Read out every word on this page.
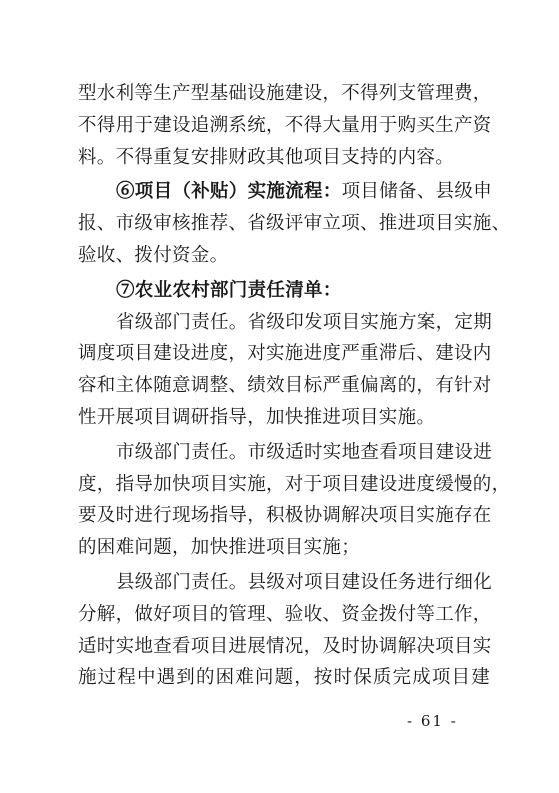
型水利等生产型基础设施建设，不得列支管理费，
不得用于建设追溯系统，不得大量用于购买生产资
料。不得重复安排财政其他项目支持的内容。
⑥项目（补贴）实施流程：项目储备、县级申
报、市级审核推荐、省级评审立项、推进项目实施、
验收、拨付资金。
⑦农业农村部门责任清单：
省级部门责任。省级印发项目实施方案，定期
调度项目建设进度，对实施进度严重滞后、建设内
容和主体随意调整、绩效目标严重偏离的，有针对
性开展项目调研指导，加快推进项目实施。
市级部门责任。市级适时实地查看项目建设进
度，指导加快项目实施，对于项目建设进度缓慢的，
要及时进行现场指导，积极协调解决项目实施存在
的困难问题，加快推进项目实施；
县级部门责任。县级对项目建设任务进行细化
分解，做好项目的管理、验收、资金拨付等工作，
适时实地查看项目进展情况，及时协调解决项目实
施过程中遇到的困难问题，按时保质完成项目建
- 61 -
